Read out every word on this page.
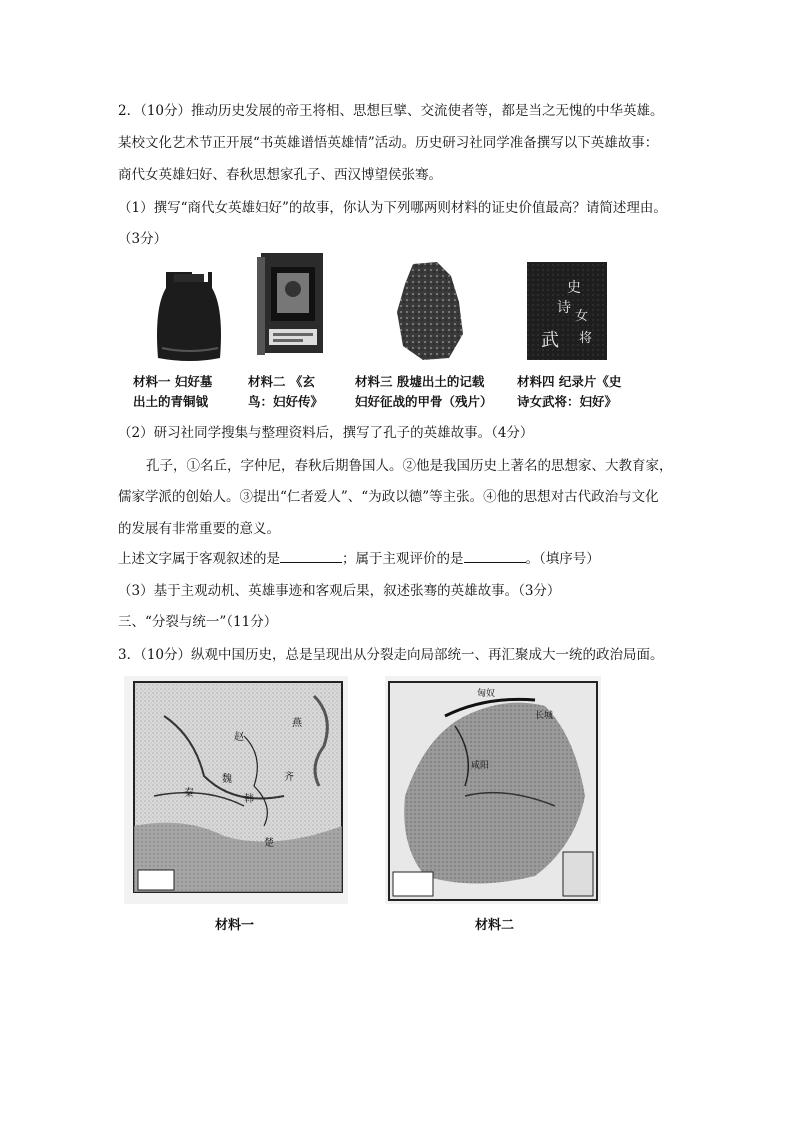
2．（10分）推动历史发展的帝王将相、思想巨擘、交流使者等，都是当之无愧的中华英雄。
某校文化艺术节正开展“书英雄谱悟英雄情”活动。历史研习社同学准备撰写以下英雄故事：
商代女英雄妇好、春秋思想家孔子、西汉博望侯张骞。
（1）撰写“商代女英雄妇好”的故事，你认为下列哪两则材料的证史价值最高？请简述理由。
（3分）
史
诗
女
武 将
材料一 妇好墓
出土的青铜钺
材料二 《玄
鸟：妇好传》
材料三 殷墟出土的记载
妇好征战的甲骨（残片）
材料四 纪录片《史
诗女武将：妇好》
（2）研习社同学搜集与整理资料后，撰写了孔子的英雄故事。（4分）
孔子，①名丘，字仲尼，春秋后期鲁国人。②他是我国历史上著名的思想家、大教育家，
儒家学派的创始人。③提出“仁者爱人”、“为政以德”等主张。④他的思想对古代政治与文化
的发展有非常重要的意义。
上述文字属于客观叙述的是	；属于主观评价的是	。（填序号）
（3）基于主观动机、英雄事迹和客观后果，叙述张骞的英雄故事。（3分）
三、“分裂与统一”（11分）
3．（10分）纵观中国历史，总是呈现出从分裂走向局部统一、再汇聚成大一统的政治局面。
赵
燕
魏
韩
秦
齐
楚
材料一
匈奴
咸阳
长城
材料二
